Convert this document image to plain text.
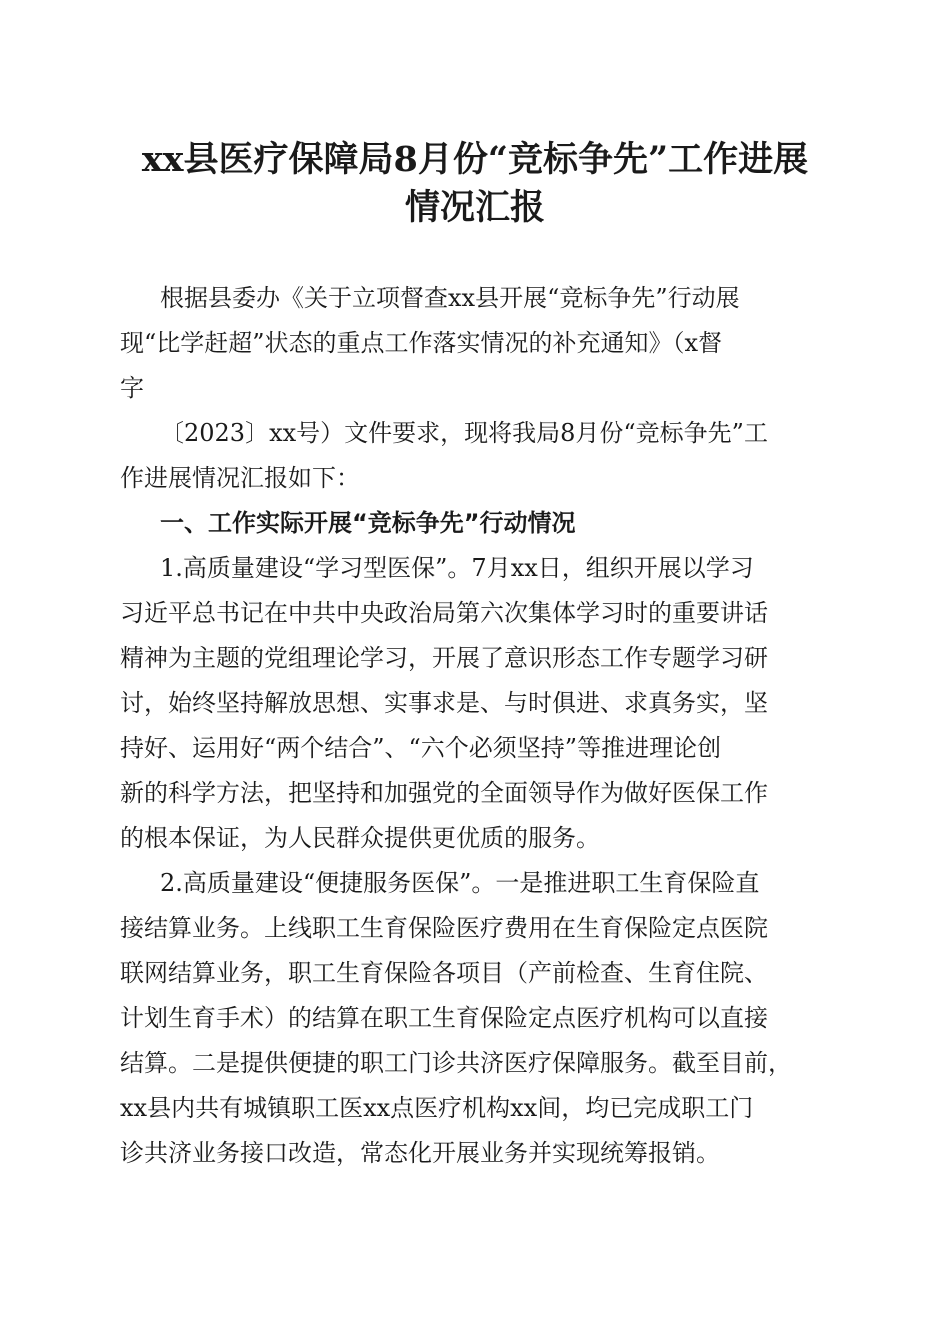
xx县医疗保障局8月份“竞标争先”工作进展
情况汇报
根据县委办《关于立项督查xx县开展“竞标争先”行动展
现“比学赶超”状态的重点工作落实情况的补充通知》（x督
字
〔2023〕xx号）文件要求，现将我局8月份“竞标争先”工
作进展情况汇报如下：
一、工作实际开展“竞标争先”行动情况
1.高质量建设“学习型医保”。7月xx日，组织开展以学习
习近平总书记在中共中央政治局第六次集体学习时的重要讲话
精神为主题的党组理论学习，开展了意识形态工作专题学习研
讨，始终坚持解放思想、实事求是、与时俱进、求真务实，坚
持好、运用好“两个结合”、“六个必须坚持”等推进理论创
新的科学方法，把坚持和加强党的全面领导作为做好医保工作
的根本保证，为人民群众提供更优质的服务。
2.高质量建设“便捷服务医保”。一是推进职工生育保险直
接结算业务。上线职工生育保险医疗费用在生育保险定点医院
联网结算业务，职工生育保险各项目（产前检查、生育住院、
计划生育手术）的结算在职工生育保险定点医疗机构可以直接
结算。二是提供便捷的职工门诊共济医疗保障服务。截至目前，
xx县内共有城镇职工医xx点医疗机构xx间，均已完成职工门
诊共济业务接口改造，常态化开展业务并实现统筹报销。
